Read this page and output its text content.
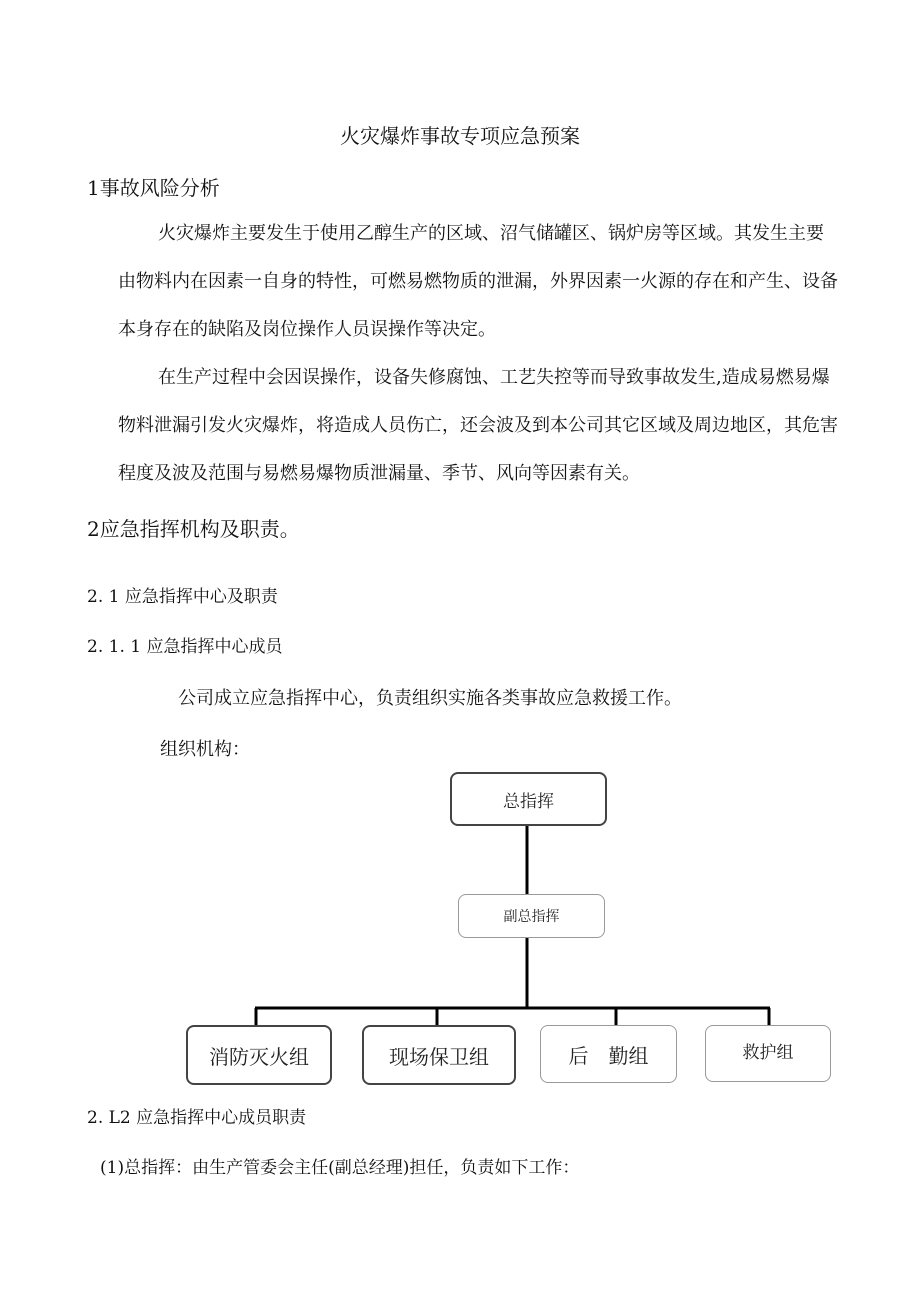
火灾爆炸事故专项应急预案
1事故风险分析
火灾爆炸主要发生于使用乙醇生产的区域、沼气储罐区、锅炉房等区域。其发生主要由物料内在因素一自身的特性，可燃易燃物质的泄漏，外界因素一火源的存在和产生、设备本身存在的缺陷及岗位操作人员误操作等决定。
在生产过程中会因误操作，设备失修腐蚀、工艺失控等而导致事故发生,造成易燃易爆物料泄漏引发火灾爆炸，将造成人员伤亡，还会波及到本公司其它区域及周边地区，其危害程度及波及范围与易燃易爆物质泄漏量、季节、风向等因素有关。
2应急指挥机构及职责。
2. 1 应急指挥中心及职责
2. 1. 1 应急指挥中心成员
公司成立应急指挥中心，负责组织实施各类事故应急救援工作。
组织机构：
总指挥
副总指挥
消防灭火组	现场保卫组	后　勤组	救护组
2. L2 应急指挥中心成员职责
(1)总指挥：由生产管委会主任(副总经理)担任，负责如下工作：
